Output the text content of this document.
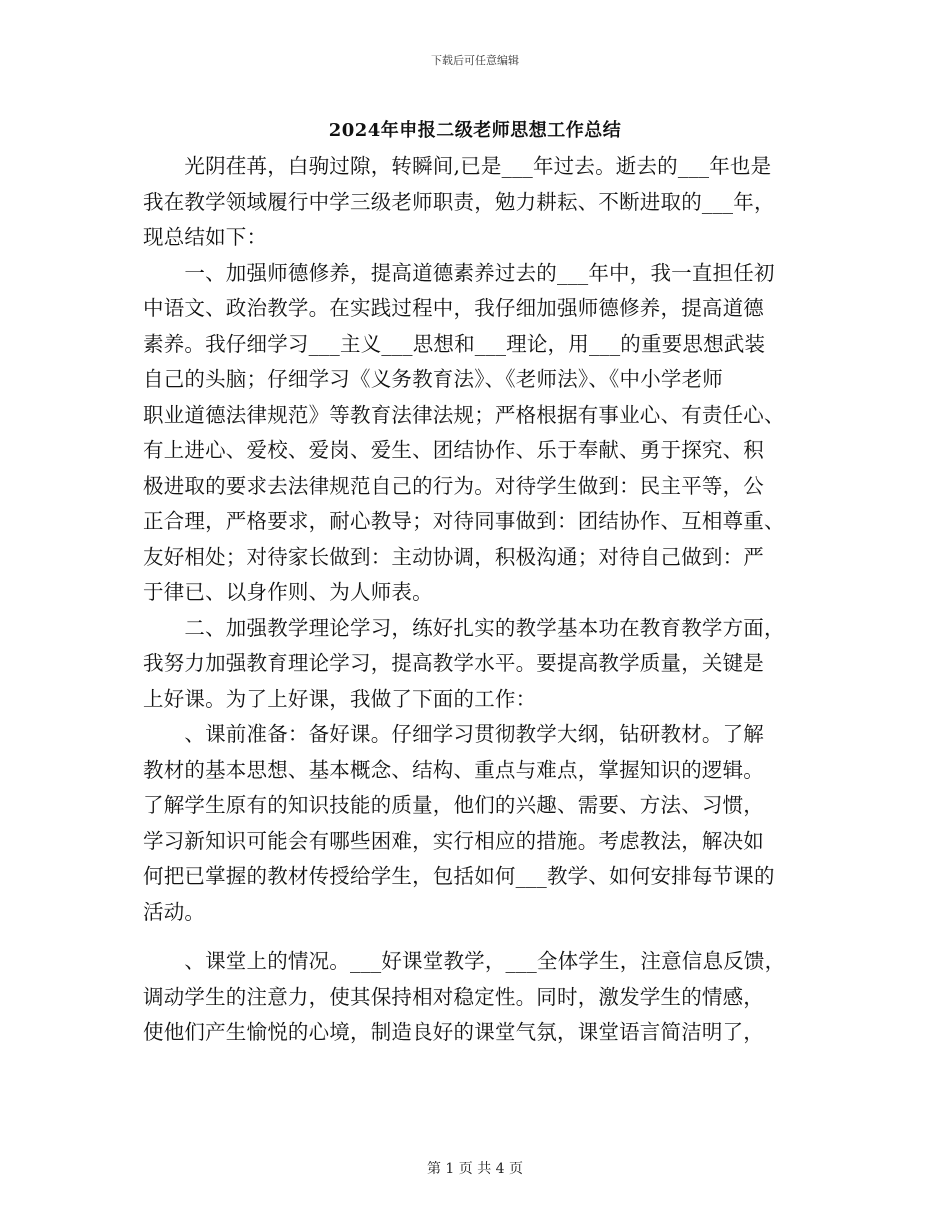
下载后可任意编辑
2024年申报二级老师思想工作总结
　　光阴荏苒，白驹过隙，转瞬间,已是___年过去。逝去的___年也是
我在教学领域履行中学三级老师职责，勉力耕耘、不断进取的___年，
现总结如下：
　　一、加强师德修养，提高道德素养过去的___年中，我一直担任初
中语文、政治教学。在实践过程中，我仔细加强师德修养，提高道德
素养。我仔细学习___主义___思想和___理论，用___的重要思想武装
自己的头脑；仔细学习《义务教育法》、《老师法》、《中小学老师
职业道德法律规范》等教育法律法规；严格根据有事业心、有责任心、
有上进心、爱校、爱岗、爱生、团结协作、乐于奉献、勇于探究、积
极进取的要求去法律规范自己的行为。对待学生做到：民主平等，公
正合理，严格要求，耐心教导；对待同事做到：团结协作、互相尊重、
友好相处；对待家长做到：主动协调，积极沟通；对待自己做到：严
于律已、以身作则、为人师表。
　　二、加强教学理论学习，练好扎实的教学基本功在教育教学方面，
我努力加强教育理论学习，提高教学水平。要提高教学质量，关键是
上好课。为了上好课，我做了下面的工作：
　　、课前准备：备好课。仔细学习贯彻教学大纲，钻研教材。了解
教材的基本思想、基本概念、结构、重点与难点，掌握知识的逻辑。
了解学生原有的知识技能的质量，他们的兴趣、需要、方法、习惯，
学习新知识可能会有哪些困难，实行相应的措施。考虑教法，解决如
何把已掌握的教材传授给学生，包括如何___教学、如何安排每节课的
活动。
　　、课堂上的情况。___好课堂教学，___全体学生，注意信息反馈，
调动学生的注意力，使其保持相对稳定性。同时，激发学生的情感，
使他们产生愉悦的心境，制造良好的课堂气氛，课堂语言简洁明了，
第 1 页 共 4 页
